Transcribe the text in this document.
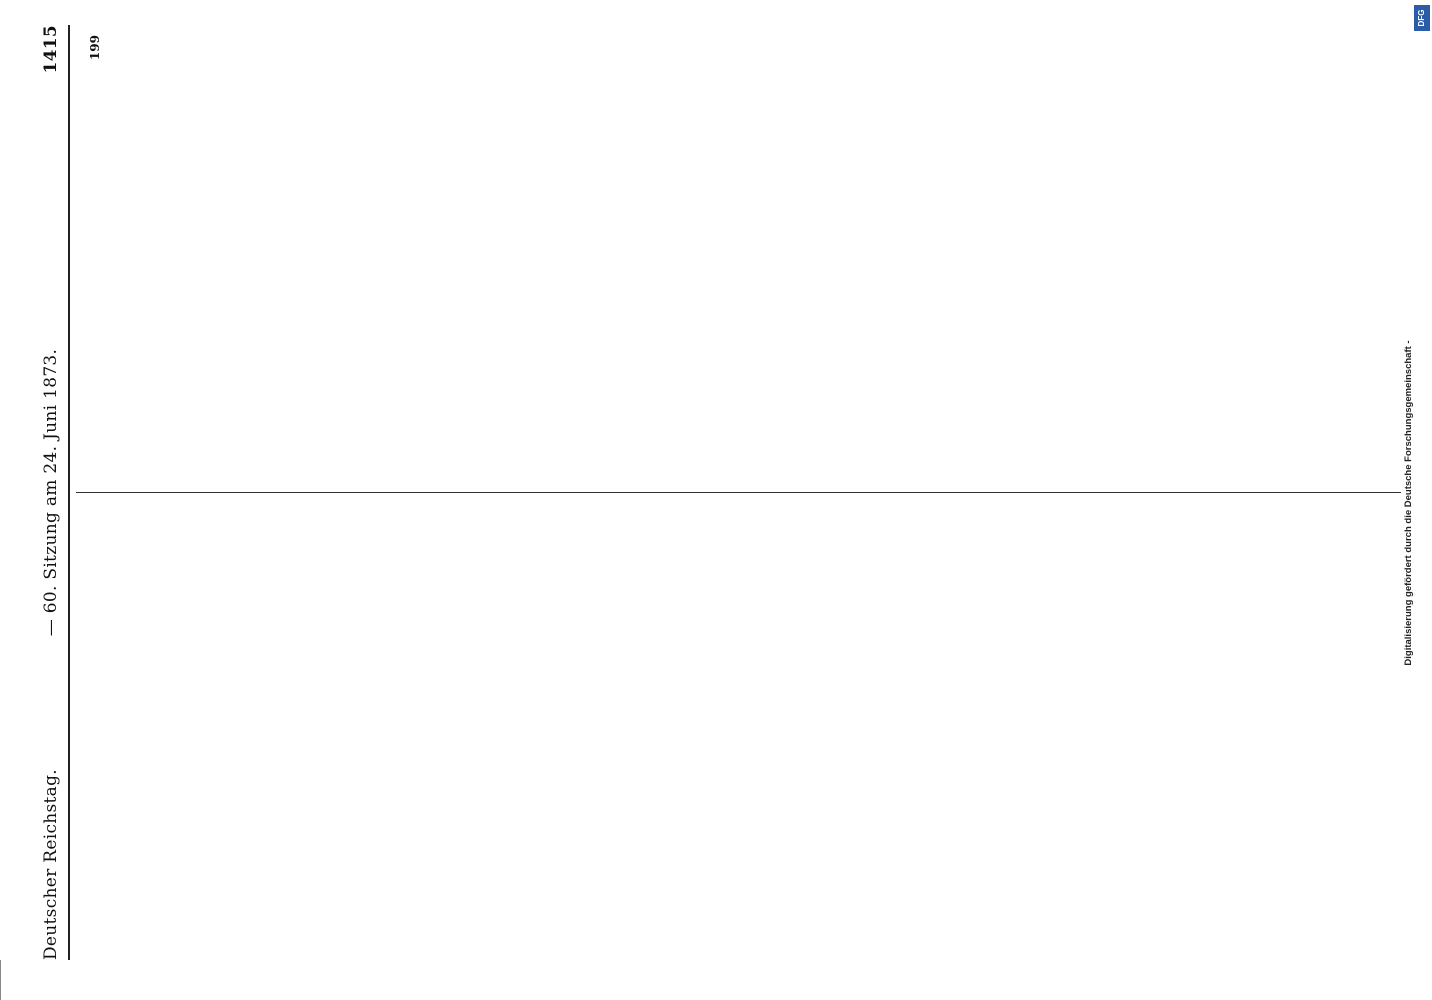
Deutscher Reichstag.
— 60. Sitzung am 24. Juni 1873.
1415 199
Digitalisierung gefördert durch die Deutsche Forschungsgemeinschaft -
DFG
